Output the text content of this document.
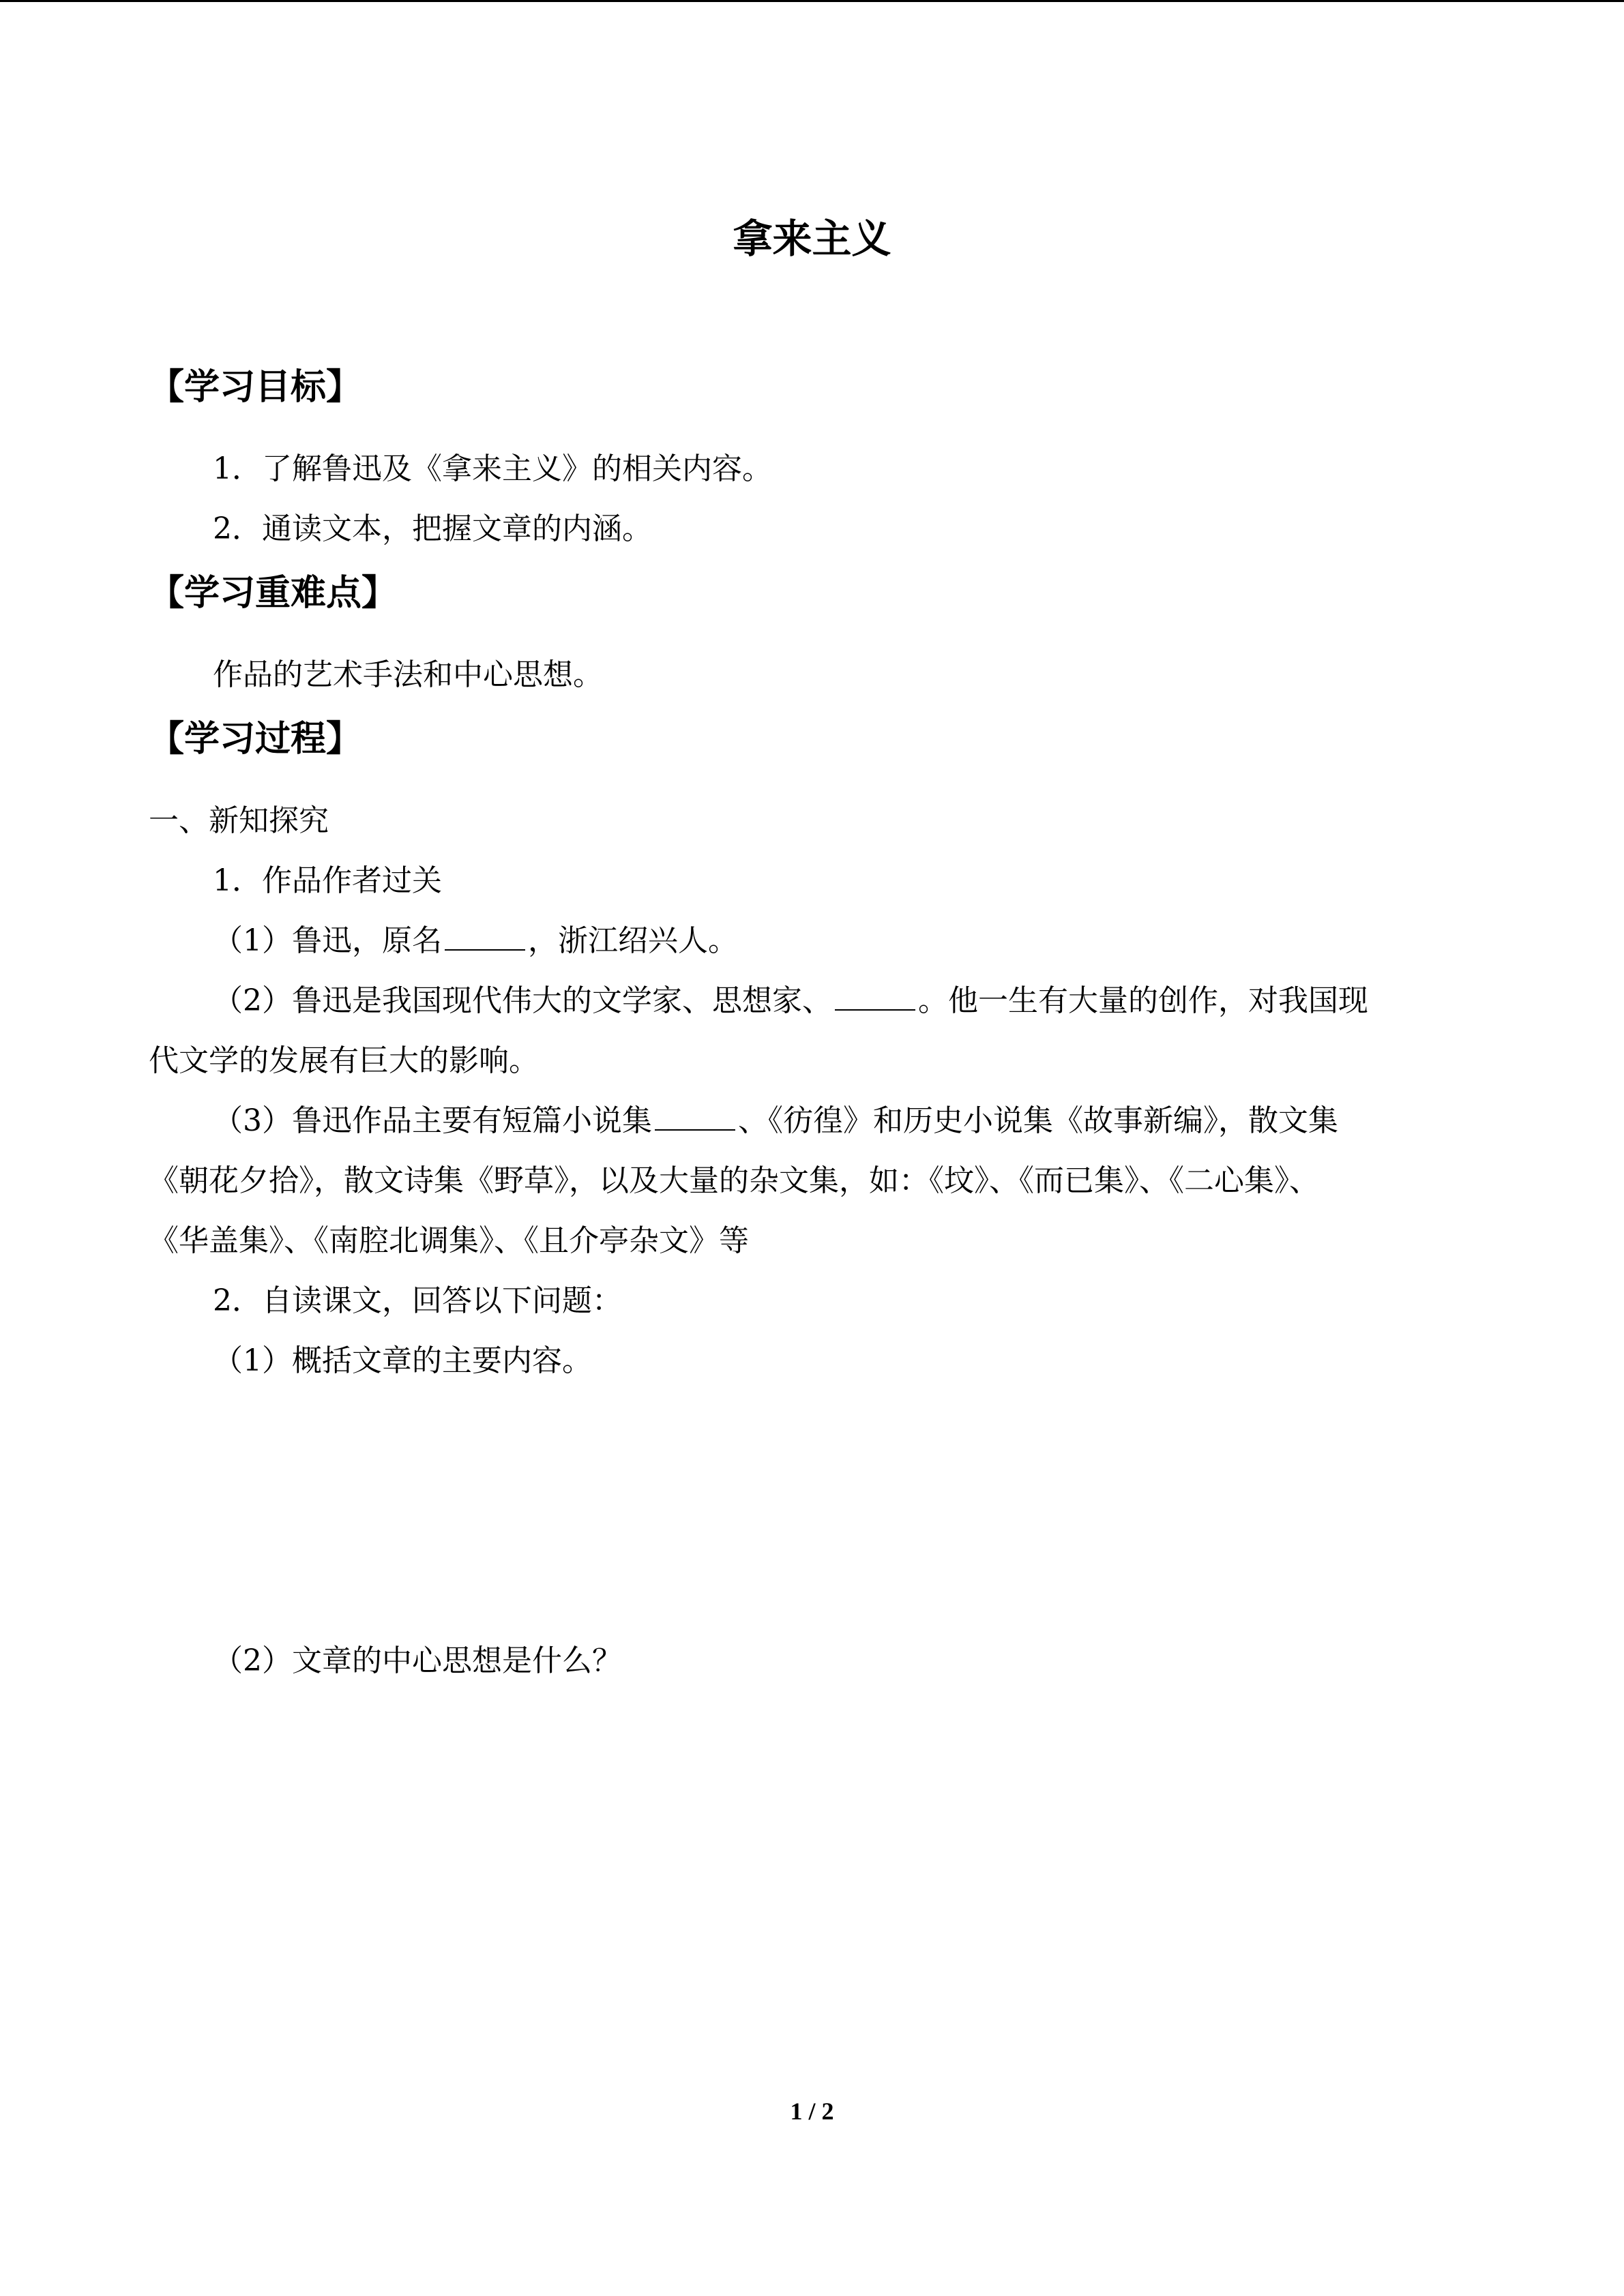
拿来主义
【学习目标】
1．了解鲁迅及《拿来主义》的相关内容。
2．通读文本，把握文章的内涵。
【学习重难点】
作品的艺术手法和中心思想。
【学习过程】
一、新知探究
1．作品作者过关
（1）鲁迅，原名	，浙江绍兴人。
（2）鲁迅是我国现代伟大的文学家、思想家、	。他一生有大量的创作，对我国现
代文学的发展有巨大的影响。
（3）鲁迅作品主要有短篇小说集	、《彷徨》和历史小说集《故事新编》，散文集
《朝花夕拾》，散文诗集《野草》，以及大量的杂文集，如：《坟》、《而已集》、《二心集》、
《华盖集》、《南腔北调集》、《且介亭杂文》等
2．自读课文，回答以下问题：
（1）概括文章的主要内容。
（2）文章的中心思想是什么？
1 / 2
